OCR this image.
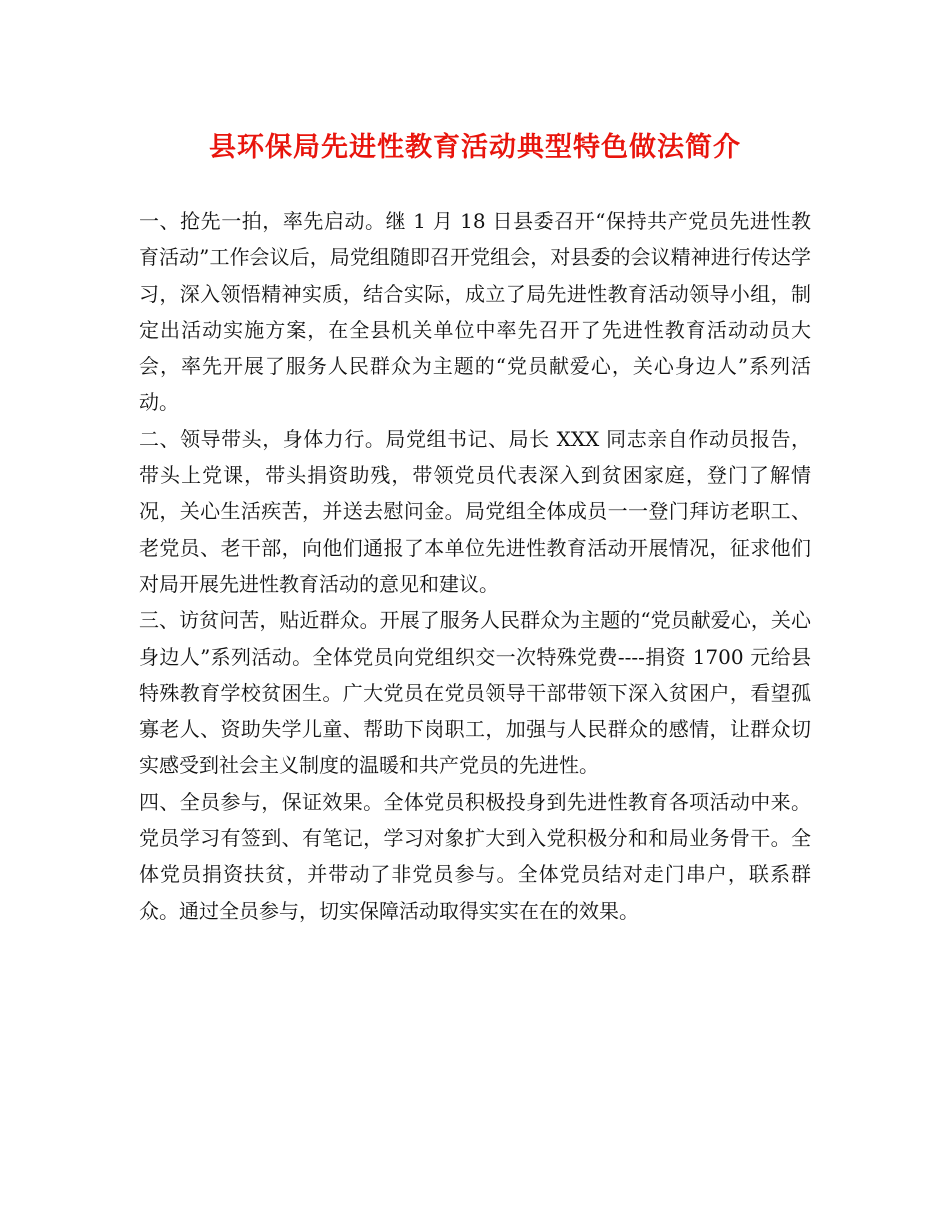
县环保局先进性教育活动典型特色做法简介

一、抢先一拍，率先启动。继 1 月 18 日县委召开“保持共产党员先进性教育活动”工作会议后，局党组随即召开党组会，对县委的会议精神进行传达学习，深入领悟精神实质，结合实际，成立了局先进性教育活动领导小组，制定出活动实施方案，在全县机关单位中率先召开了先进性教育活动动员大会，率先开展了服务人民群众为主题的“党员献爱心，关心身边人”系列活动。

二、领导带头，身体力行。局党组书记、局长 XXX 同志亲自作动员报告，带头上党课，带头捐资助残，带领党员代表深入到贫困家庭，登门了解情况，关心生活疾苦，并送去慰问金。局党组全体成员一一登门拜访老职工、老党员、老干部，向他们通报了本单位先进性教育活动开展情况，征求他们对局开展先进性教育活动的意见和建议。

三、访贫问苦，贴近群众。开展了服务人民群众为主题的“党员献爱心，关心身边人”系列活动。全体党员向党组织交一次特殊党费----捐资 1700 元给县特殊教育学校贫困生。广大党员在党员领导干部带领下深入贫困户，看望孤寡老人、资助失学儿童、帮助下岗职工，加强与人民群众的感情，让群众切实感受到社会主义制度的温暖和共产党员的先进性。

四、全员参与，保证效果。全体党员积极投身到先进性教育各项活动中来。党员学习有签到、有笔记，学习对象扩大到入党积极分和和局业务骨干。全体党员捐资扶贫，并带动了非党员参与。全体党员结对走门串户，联系群众。通过全员参与，切实保障活动取得实实在在的效果。
